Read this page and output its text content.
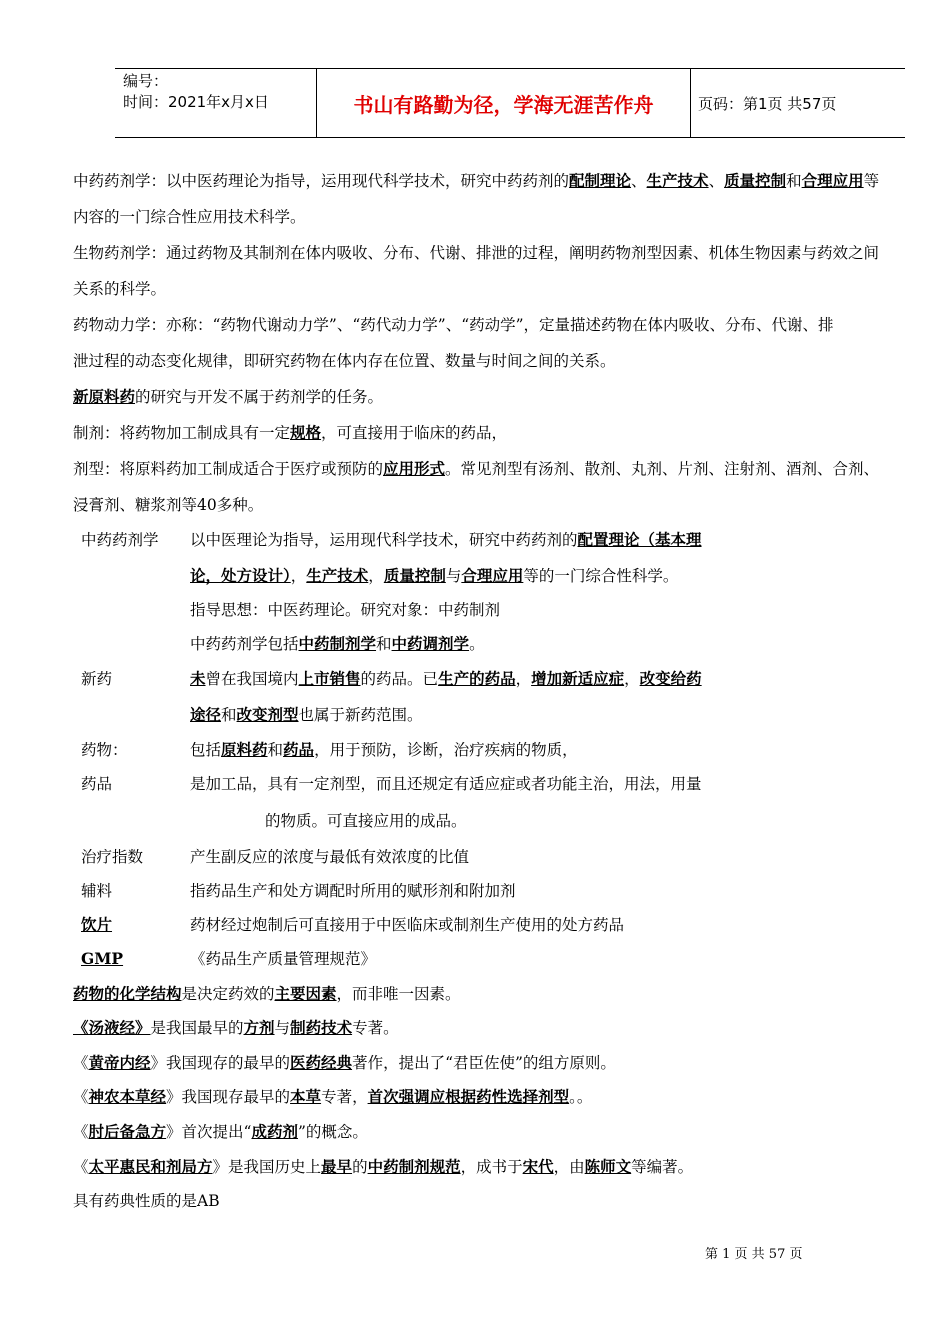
编号：
时间：2021年x月x日	书山有路勤为径，学海无涯苦作舟	页码：第1页 共57页
中药药剂学：以中医药理论为指导，运用现代科学技术，研究中药药剂的配制理论、生产技术、质量控制和合理应用等
内容的一门综合性应用技术科学。
生物药剂学：通过药物及其制剂在体内吸收、分布、代谢、排泄的过程，阐明药物剂型因素、机体生物因素与药效之间
关系的科学。
药物动力学：亦称：“药物代谢动力学”、“药代动力学”、“药动学”，定量描述药物在体内吸收、分布、代谢、排
泄过程的动态变化规律，即研究药物在体内存在位置、数量与时间之间的关系。
新原料药的研究与开发不属于药剂学的任务。
制剂：将药物加工制成具有一定规格，可直接用于临床的药品，
剂型：将原料药加工制成适合于医疗或预防的应用形式。常见剂型有汤剂、散剂、丸剂、片剂、注射剂、酒剂、合剂、
浸膏剂、糖浆剂等40多种。
中药药剂学 以中医理论为指导，运用现代科学技术，研究中药药剂的配置理论（基本理
论，处方设计），生产技术，质量控制与合理应用等的一门综合性科学。
指导思想：中医药理论。研究对象：中药制剂
中药药剂学包括中药制剂学和中药调剂学。
新药	未曾在我国境内上市销售的药品。已生产的药品，增加新适应症，改变给药
途径和改变剂型也属于新药范围。
药物：	包括原料药和药品，用于预防，诊断，治疗疾病的物质，
药品	是加工品，具有一定剂型，而且还规定有适应症或者功能主治，用法，用量
的物质。可直接应用的成品。
治疗指数	产生副反应的浓度与最低有效浓度的比值
辅料	指药品生产和处方调配时所用的赋形剂和附加剂
饮片	药材经过炮制后可直接用于中医临床或制剂生产使用的处方药品
GMP	《药品生产质量管理规范》
药物的化学结构是决定药效的主要因素，而非唯一因素。
《汤液经》是我国最早的方剂与制药技术专著。
《黄帝内经》我国现存的最早的医药经典著作，提出了“君臣佐使”的组方原则。
《神农本草经》我国现存最早的本草专著，首次强调应根据药性选择剂型。。
《肘后备急方》首次提出“成药剂”的概念。
《太平惠民和剂局方》是我国历史上最早的中药制剂规范，成书于宋代，由陈师文等编著。
具有药典性质的是AB
第 1 页 共 57 页
